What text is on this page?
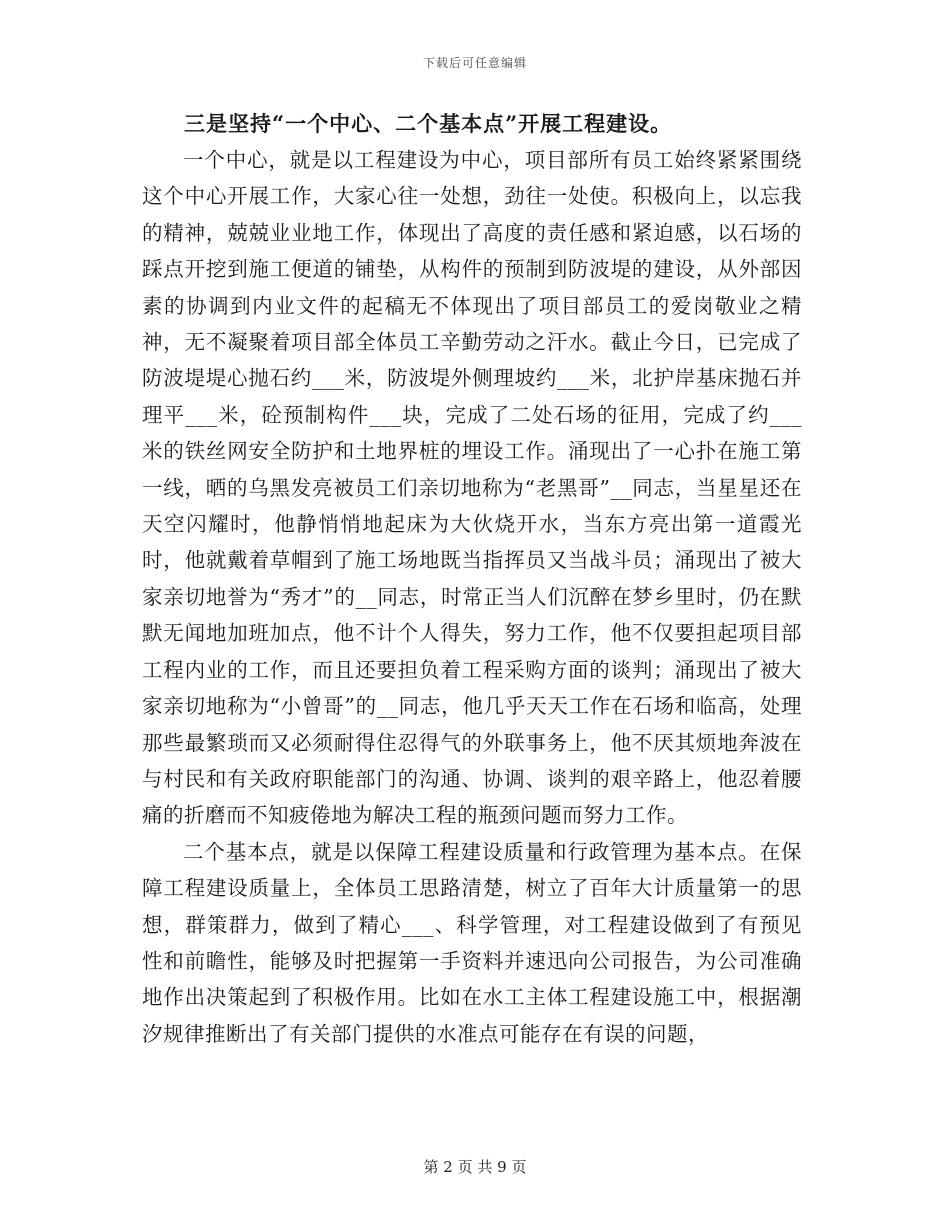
下载后可任意编辑

三是坚持“一个中心、二个基本点”开展工程建设。

一个中心，就是以工程建设为中心，项目部所有员工始终紧紧围绕这个中心开展工作，大家心往一处想，劲往一处使。积极向上，以忘我的精神，兢兢业业地工作，体现出了高度的责任感和紧迫感，以石场的踩点开挖到施工便道的铺垫，从构件的预制到防波堤的建设，从外部因素的协调到内业文件的起稿无不体现出了项目部员工的爱岗敬业之精神，无不凝聚着项目部全体员工辛勤劳动之汗水。截止今日，已完成了防波堤堤心抛石约___米，防波堤外侧理坡约___米，北护岸基床抛石并理平___米，砼预制构件___块，完成了二处石场的征用，完成了约___米的铁丝网安全防护和土地界桩的埋设工作。涌现出了一心扑在施工第一线，晒的乌黑发亮被员工们亲切地称为“老黑哥”__同志，当星星还在天空闪耀时，他静悄悄地起床为大伙烧开水，当东方亮出第一道霞光时，他就戴着草帽到了施工场地既当指挥员又当战斗员；涌现出了被大家亲切地誉为“秀才”的__同志，时常正当人们沉醉在梦乡里时，仍在默默无闻地加班加点，他不计个人得失，努力工作，他不仅要担起项目部工程内业的工作，而且还要担负着工程采购方面的谈判；涌现出了被大家亲切地称为“小曾哥”的__同志，他几乎天天工作在石场和临高，处理那些最繁琐而又必须耐得住忍得气的外联事务上，他不厌其烦地奔波在与村民和有关政府职能部门的沟通、协调、谈判的艰辛路上，他忍着腰痛的折磨而不知疲倦地为解决工程的瓶颈问题而努力工作。

二个基本点，就是以保障工程建设质量和行政管理为基本点。在保障工程建设质量上，全体员工思路清楚，树立了百年大计质量第一的思想，群策群力，做到了精心___、科学管理，对工程建设做到了有预见性和前瞻性，能够及时把握第一手资料并速迅向公司报告，为公司准确地作出决策起到了积极作用。比如在水工主体工程建设施工中，根据潮汐规律推断出了有关部门提供的水准点可能存在有误的问题，

第 2 页 共 9 页
